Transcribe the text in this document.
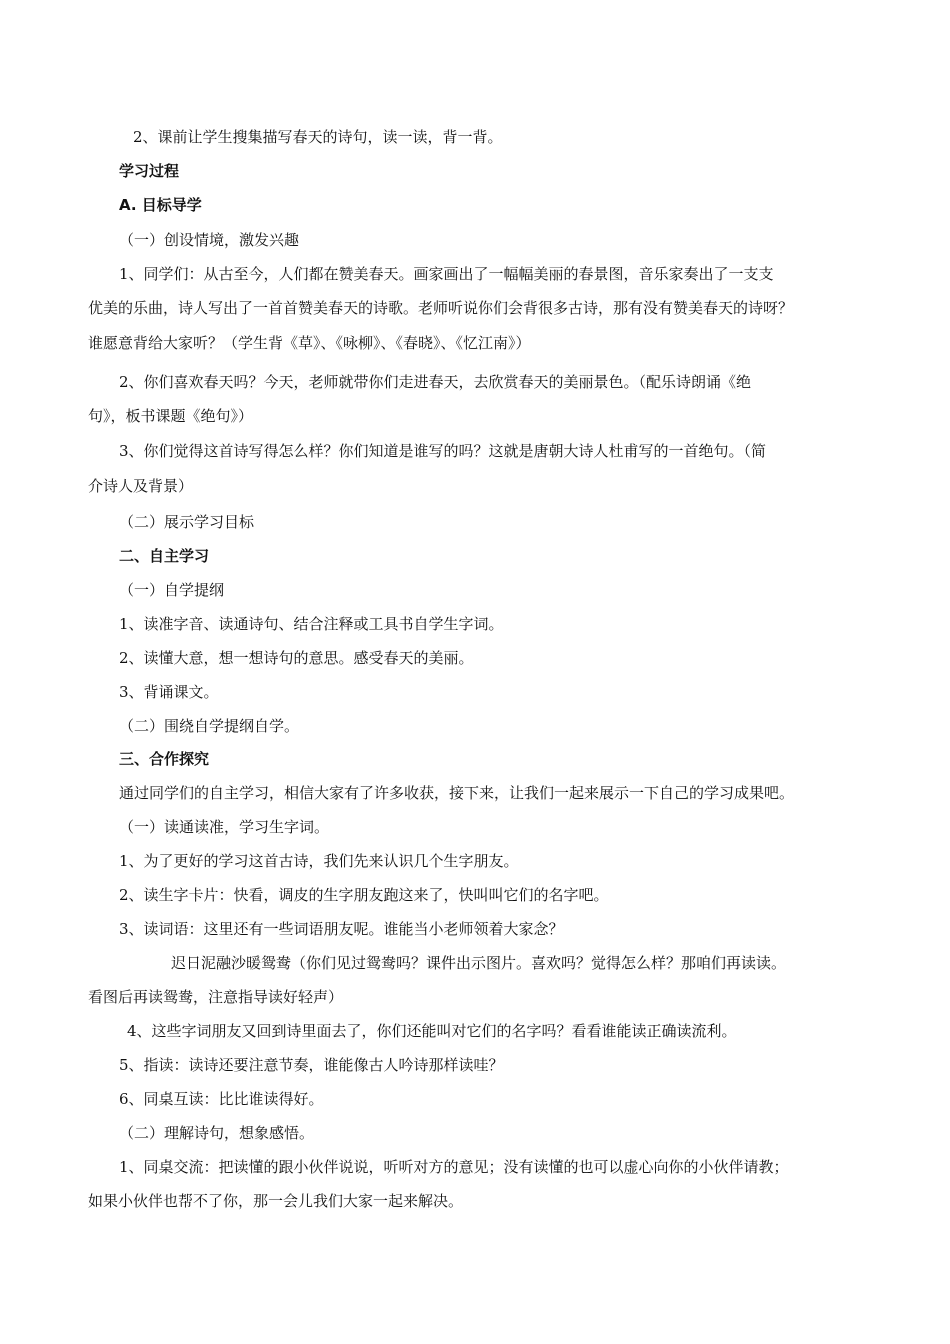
2、课前让学生搜集描写春天的诗句，读一读，背一背。
学习过程
A. 目标导学
（一）创设情境，激发兴趣
1、同学们：从古至今，人们都在赞美春天。画家画出了一幅幅美丽的春景图，音乐家奏出了一支支
优美的乐曲，诗人写出了一首首赞美春天的诗歌。老师听说你们会背很多古诗，那有没有赞美春天的诗呀？
谁愿意背给大家听？（学生背《草》、《咏柳》、《春晓》、《忆江南》）
2、你们喜欢春天吗？今天，老师就带你们走进春天，去欣赏春天的美丽景色。（配乐诗朗诵《绝
句》，板书课题《绝句》）
3、你们觉得这首诗写得怎么样？你们知道是谁写的吗？这就是唐朝大诗人杜甫写的一首绝句。（简
介诗人及背景）
（二）展示学习目标
二、自主学习
（一）自学提纲
1、读准字音、读通诗句、结合注释或工具书自学生字词。
2、读懂大意，想一想诗句的意思。感受春天的美丽。
3、背诵课文。
（二）围绕自学提纲自学。
三、合作探究
通过同学们的自主学习，相信大家有了许多收获，接下来，让我们一起来展示一下自己的学习成果吧。
（一）读通读准，学习生字词。
1、为了更好的学习这首古诗，我们先来认识几个生字朋友。
2、读生字卡片：快看，调皮的生字朋友跑这来了，快叫叫它们的名字吧。
3、读词语：这里还有一些词语朋友呢。谁能当小老师领着大家念？
迟日泥融沙暖鸳鸯（你们见过鸳鸯吗？课件出示图片。喜欢吗？觉得怎么样？那咱们再读读。
看图后再读鸳鸯，注意指导读好轻声）
4、这些字词朋友又回到诗里面去了，你们还能叫对它们的名字吗？看看谁能读正确读流利。
5、指读：读诗还要注意节奏，谁能像古人吟诗那样读哇？
6、同桌互读：比比谁读得好。
（二）理解诗句，想象感悟。
1、同桌交流：把读懂的跟小伙伴说说，听听对方的意见；没有读懂的也可以虚心向你的小伙伴请教；
如果小伙伴也帮不了你，那一会儿我们大家一起来解决。
